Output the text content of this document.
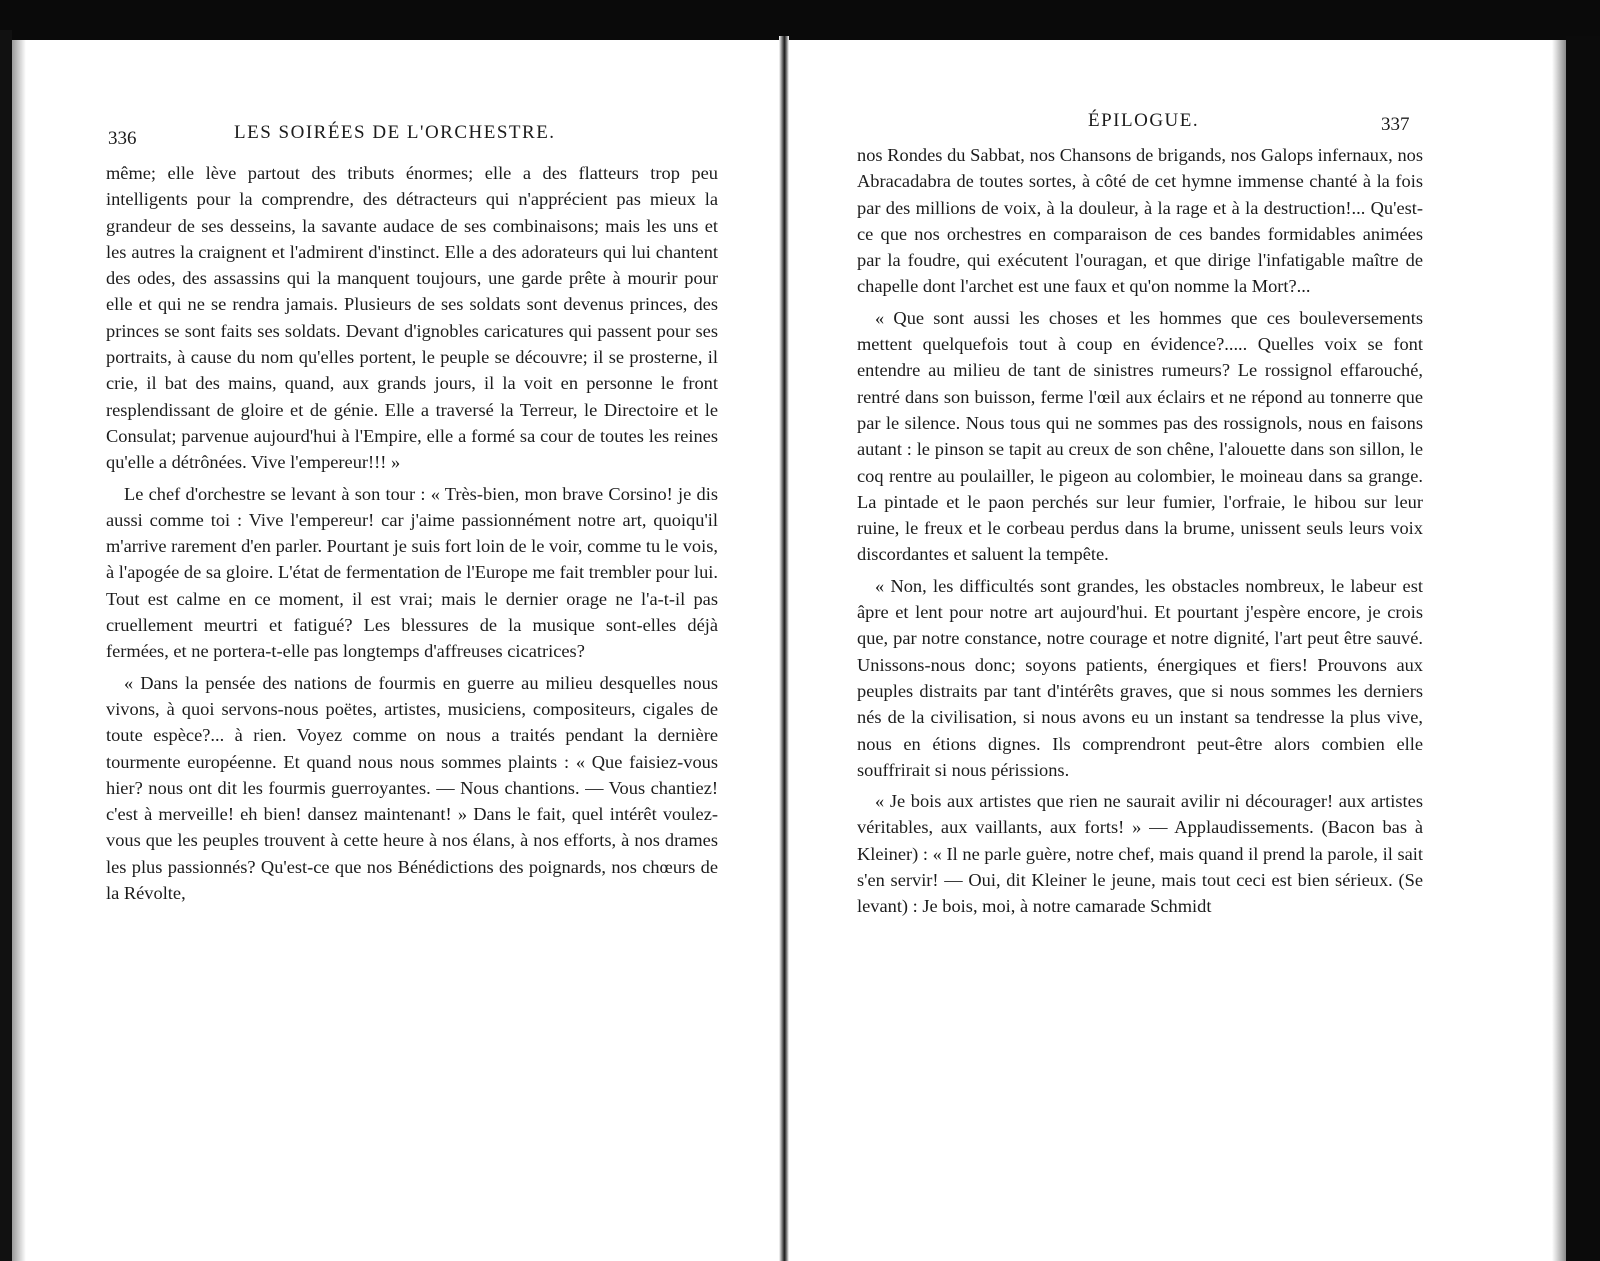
336	LES SOIRÉES DE L'ORCHESTRE.

même; elle lève partout des tributs énormes; elle a des flatteurs trop peu intelligents pour la comprendre, des détracteurs qui n'apprécient pas mieux la grandeur de ses desseins, la savante audace de ses combinaisons; mais les uns et les autres la craignent et l'admirent d'instinct. Elle a des adorateurs qui lui chantent des odes, des assassins qui la manquent toujours, une garde prête à mourir pour elle et qui ne se rendra jamais. Plusieurs de ses soldats sont devenus princes, des princes se sont faits ses soldats. Devant d'ignobles caricatures qui passent pour ses portraits, à cause du nom qu'elles portent, le peuple se découvre; il se prosterne, il crie, il bat des mains, quand, aux grands jours, il la voit en personne le front resplendissant de gloire et de génie. Elle a traversé la Terreur, le Directoire et le Consulat; parvenue aujourd'hui à l'Empire, elle a formé sa cour de toutes les reines qu'elle a détrônées. Vive l'empereur!!! »

Le chef d'orchestre se levant à son tour : « Très-bien, mon brave Corsino! je dis aussi comme toi : Vive l'empereur! car j'aime passionnément notre art, quoiqu'il m'arrive rarement d'en parler. Pourtant je suis fort loin de le voir, comme tu le vois, à l'apogée de sa gloire. L'état de fermentation de l'Europe me fait trembler pour lui. Tout est calme en ce moment, il est vrai; mais le dernier orage ne l'a-t-il pas cruellement meurtri et fatigué? Les blessures de la musique sont-elles déjà fermées, et ne portera-t-elle pas longtemps d'affreuses cicatrices?

« Dans la pensée des nations de fourmis en guerre au milieu desquelles nous vivons, à quoi servons-nous poëtes, artistes, musiciens, compositeurs, cigales de toute espèce?... à rien. Voyez comme on nous a traités pendant la dernière tourmente européenne. Et quand nous nous sommes plaints : « Que faisiez-vous hier? nous ont dit les fourmis guerroyantes. — Nous chantions. — Vous chantiez! c'est à merveille! eh bien! dansez maintenant! » Dans le fait, quel intérêt voulez-vous que les peuples trouvent à cette heure à nos élans, à nos efforts, à nos drames les plus passionnés? Qu'est-ce que nos Bénédictions des poignards, nos chœurs de la Révolte,

ÉPILOGUE.	337

nos Rondes du Sabbat, nos Chansons de brigands, nos Galops infernaux, nos Abracadabra de toutes sortes, à côté de cet hymne immense chanté à la fois par des millions de voix, à la douleur, à la rage et à la destruction!... Qu'est-ce que nos orchestres en comparaison de ces bandes formidables animées par la foudre, qui exécutent l'ouragan, et que dirige l'infatigable maître de chapelle dont l'archet est une faux et qu'on nomme la Mort?...

« Que sont aussi les choses et les hommes que ces bouleversements mettent quelquefois tout à coup en évidence?..... Quelles voix se font entendre au milieu de tant de sinistres rumeurs? Le rossignol effarouché, rentré dans son buisson, ferme l'œil aux éclairs et ne répond au tonnerre que par le silence. Nous tous qui ne sommes pas des rossignols, nous en faisons autant : le pinson se tapit au creux de son chêne, l'alouette dans son sillon, le coq rentre au poulailler, le pigeon au colombier, le moineau dans sa grange. La pintade et le paon perchés sur leur fumier, l'orfraie, le hibou sur leur ruine, le freux et le corbeau perdus dans la brume, unissent seuls leurs voix discordantes et saluent la tempête.

« Non, les difficultés sont grandes, les obstacles nombreux, le labeur est âpre et lent pour notre art aujourd'hui. Et pourtant j'espère encore, je crois que, par notre constance, notre courage et notre dignité, l'art peut être sauvé. Unissons-nous donc; soyons patients, énergiques et fiers! Prouvons aux peuples distraits par tant d'intérêts graves, que si nous sommes les derniers nés de la civilisation, si nous avons eu un instant sa tendresse la plus vive, nous en étions dignes. Ils comprendront peut-être alors combien elle souffrirait si nous périssions.

« Je bois aux artistes que rien ne saurait avilir ni décourager! aux artistes véritables, aux vaillants, aux forts! » — Applaudissements. (Bacon bas à Kleiner) : « Il ne parle guère, notre chef, mais quand il prend la parole, il sait s'en servir! — Oui, dit Kleiner le jeune, mais tout ceci est bien sérieux. (Se levant) : Je bois, moi, à notre camarade Schmidt
